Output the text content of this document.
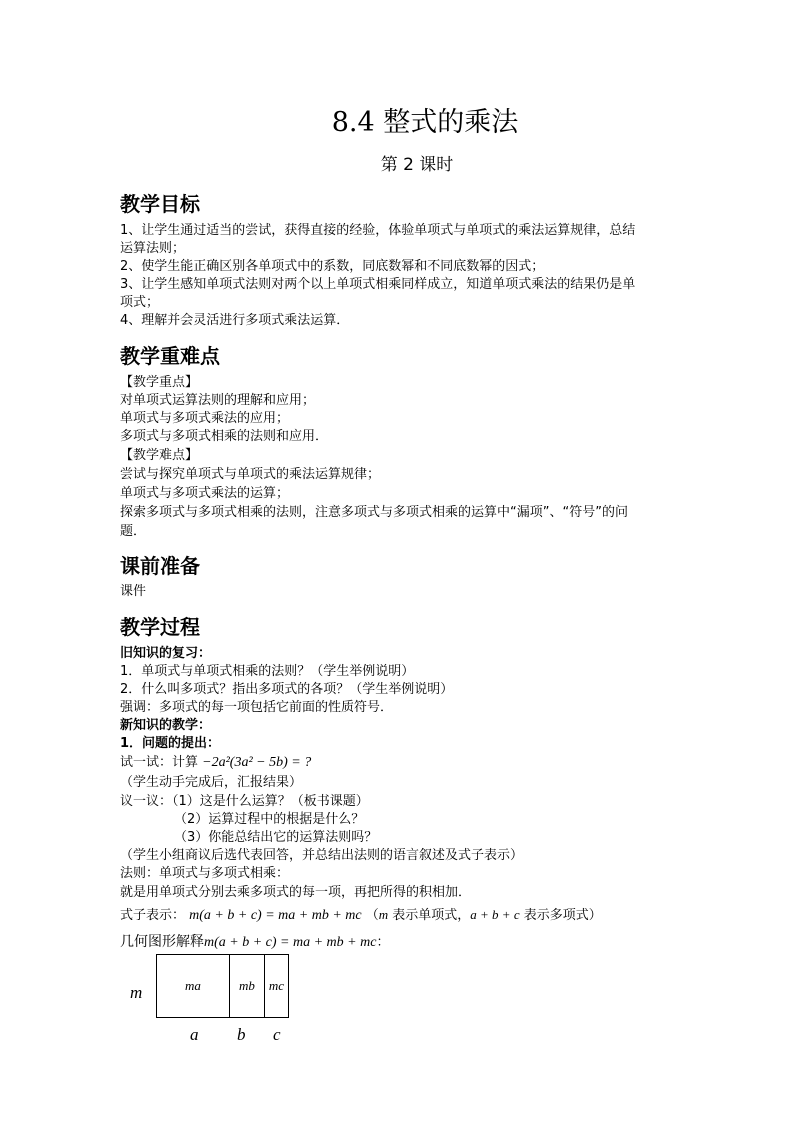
8.4 整式的乘法
第 2 课时
教学目标
1、让学生通过适当的尝试，获得直接的经验，体验单项式与单项式的乘法运算规律，总结
运算法则；
2、使学生能正确区别各单项式中的系数，同底数幂和不同底数幂的因式；
3、让学生感知单项式法则对两个以上单项式相乘同样成立，知道单项式乘法的结果仍是单
项式；
4、理解并会灵活进行多项式乘法运算．
教学重难点
【教学重点】
对单项式运算法则的理解和应用；
单项式与多项式乘法的应用；
多项式与多项式相乘的法则和应用．
【教学难点】
尝试与探究单项式与单项式的乘法运算规律；
单项式与多项式乘法的运算；
探索多项式与多项式相乘的法则，注意多项式与多项式相乘的运算中“漏项”、“符号”的问
题．
课前准备
课件
教学过程
旧知识的复习：
1．单项式与单项式相乘的法则？（学生举例说明）
2．什么叫多项式？指出多项式的各项？（学生举例说明）
强调：多项式的每一项包括它前面的性质符号．
新知识的教学：
1．问题的提出：
试一试：计算 −2a²(3a² − 5b) = ?
（学生动手完成后，汇报结果）
议一议：（1）这是什么运算？（板书课题）
（2）运算过程中的根据是什么？
（3）你能总结出它的运算法则吗？
（学生小组商议后选代表回答，并总结出法则的语言叙述及式子表示）
法则：单项式与多项式相乘：
就是用单项式分别去乘多项式的每一项，再把所得的积相加．
式子表示： m(a + b + c) = ma + mb + mc （m 表示单项式，a + b + c 表示多项式）
几何图形解释m(a + b + c) = ma + mb + mc：
m	ma	mb	mc
a b c
